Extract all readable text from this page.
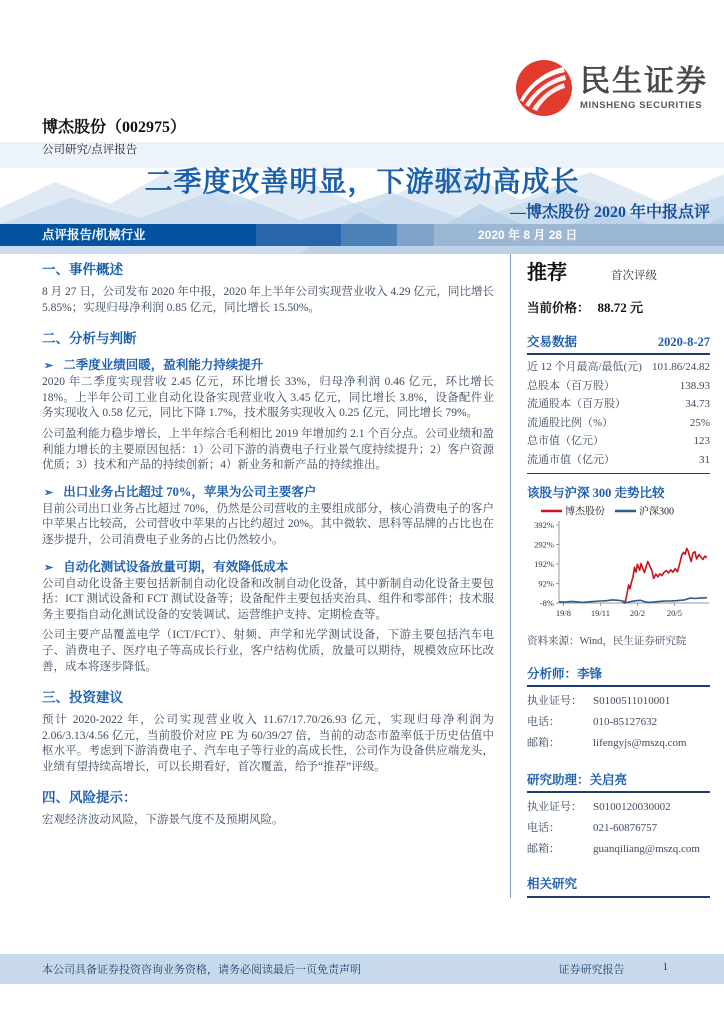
民生证券
MINSHENG SECURITIES
博杰股份（002975）
公司研究/点评报告
二季度改善明显，下游驱动高成长
—博杰股份 2020 年中报点评
点评报告/机械行业	2020 年 8 月 28 日
一、事件概述

8 月 27 日，公司发布 2020 年中报，2020 年上半年公司实现营业收入 4.29 亿元，同比增长 5.85%；实现归母净利润 0.85 亿元，同比增长 15.50%。

二、分析与判断
➢ 二季度业绩回暖，盈利能力持续提升

2020 年二季度实现营收 2.45 亿元，环比增长 33%，归母净利润 0.46 亿元，环比增长 18%。上半年公司工业自动化设备实现营业收入 3.45 亿元，同比增长 3.8%，设备配件业务实现收入 0.58 亿元，同比下降 1.7%，技术服务实现收入 0.25 亿元，同比增长 79%。

公司盈利能力稳步增长，上半年综合毛利相比 2019 年增加约 2.1 个百分点。公司业绩和盈利能力增长的主要原因包括：1）公司下游的消费电子行业景气度持续提升；2）客户资源优质；3）技术和产品的持续创新；4）新业务和新产品的持续推出。

➢ 出口业务占比超过 70%，苹果为公司主要客户

目前公司出口业务占比超过 70%，仍然是公司营收的主要组成部分，核心消费电子的客户中苹果占比较高，公司营收中苹果的占比约超过 20%。其中微软、思科等品牌的占比也在逐步提升，公司消费电子业务的占比仍然较小。

➢ 自动化测试设备放量可期，有效降低成本

公司自动化设备主要包括新制自动化设备和改制自动化设备，其中新制自动化设备主要包括：ICT 测试设备和 FCT 测试设备等；设备配件主要包括夹治具、组件和零部件；技术服务主要指自动化测试设备的安装调试、运营维护支持、定期检查等。

公司主要产品覆盖电学（ICT/FCT）、射频、声学和光学测试设备，下游主要包括汽车电子、消费电子、医疗电子等高成长行业，客户结构优质，放量可以期待，规模效应环比改善，成本将逐步降低。

三、投资建议

预计 2020-2022 年，公司实现营业收入 11.67/17.70/26.93 亿元，实现归母净利润为 2.06/3.13/4.56 亿元，当前股价对应 PE 为 60/39/27 倍，当前的动态市盈率低于历史估值中枢水平。考虑到下游消费电子、汽车电子等行业的高成长性，公司作为设备供应端龙头，业绩有望持续高增长，可以长期看好，首次覆盖，给予“推荐”评级。

四、风险提示：

宏观经济波动风险，下游景气度不及预期风险。

推荐	首次评级
当前价格： 88.72 元
交易数据	2020-8-27
近 12 个月最高/最低(元) 101.86/24.82
总股本（百万股）	138.93
流通股本（百万股）	34.73
流通股比例（%）	25%
总市值（亿元）	123
流通市值（亿元）	31
该股与沪深 300 走势比较
博杰股份	沪深300
392%
292%
192%
92%
-8%
19/8 19/11 20/2	20/5
资料来源：Wind，民生证券研究院
分析师：李锋
执业证号：	S0100511010001
电话：	010-85127632
邮箱：	lifengyjs@mszq.com
研究助理：关启亮
执业证号：	S0100120030002
电话：	021-60876757
邮箱：	guanqiliang@mszq.com
相关研究
本公司具备证券投资咨询业务资格，请务必阅读最后一页免责声明	证券研究报告	1
